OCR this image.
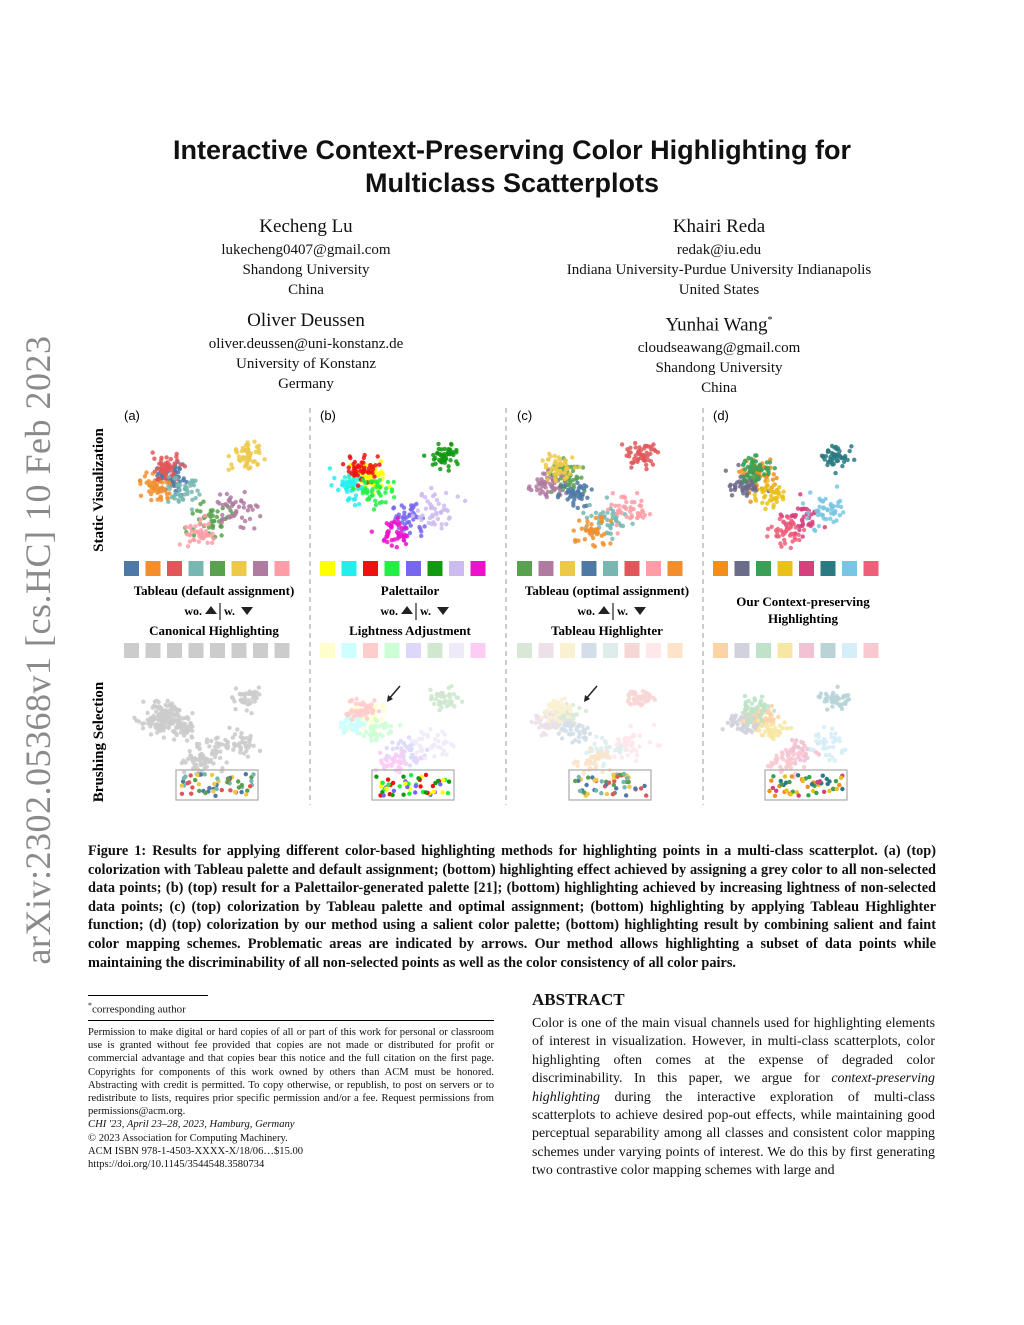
arXiv:2302.05368v1 [cs.HC] 10 Feb 2023
Interactive Context-Preserving Color Highlighting for Multiclass Scatterplots
Kecheng Lu
lukecheng0407@gmail.com
Shandong University
China
Khairi Reda
redak@iu.edu
Indiana University-Purdue University Indianapolis
United States
Oliver Deussen
oliver.deussen@uni-konstanz.de
University of Konstanz
Germany
Yunhai Wang*
cloudseawang@gmail.com
Shandong University
China
(a)
Tableau (default assignment)
wo. w.
Canonical Highlighting
(b)
Palettailor
wo. w.
Lightness Adjustment
(c)
Tableau (optimal assignment)
wo. w.
Tableau Highlighter
(d)
Our Context-preserving
Highlighting
Static Visualization
Brushing Selection

Figure 1: Results for applying different color-based highlighting methods for highlighting points in a multi-class scatterplot. (a) (top) colorization with Tableau palette and default assignment; (bottom) highlighting effect achieved by assigning a grey color to all non-selected data points; (b) (top) result for a Palettailor-generated palette [21]; (bottom) highlighting achieved by increasing lightness of non-selected data points; (c) (top) colorization by Tableau palette and optimal assignment; (bottom) highlighting by applying Tableau Highlighter function; (d) (top) colorization by our method using a salient color palette; (bottom) highlighting result by combining salient and faint color mapping schemes. Problematic areas are indicated by arrows. Our method allows highlighting a subset of data points while maintaining the discriminability of all non-selected points as well as the color consistency of all color pairs.

*corresponding author

Permission to make digital or hard copies of all or part of this work for personal or classroom use is granted without fee provided that copies are not made or distributed for profit or commercial advantage and that copies bear this notice and the full citation on the first page. Copyrights for components of this work owned by others than ACM must be honored. Abstracting with credit is permitted. To copy otherwise, or republish, to post on servers or to redistribute to lists, requires prior specific permission and/or a fee. Request permissions from permissions@acm.org.

CHI '23, April 23–28, 2023, Hamburg, Germany

© 2023 Association for Computing Machinery.

ACM ISBN 978-1-4503-XXXX-X/18/06…$15.00

https://doi.org/10.1145/3544548.3580734

ABSTRACT

Color is one of the main visual channels used for highlighting elements of interest in visualization. However, in multi-class scatterplots, color highlighting often comes at the expense of degraded color discriminability. In this paper, we argue for context-preserving highlighting during the interactive exploration of multi-class scatterplots to achieve desired pop-out effects, while maintaining good perceptual separability among all classes and consistent color mapping schemes under varying points of interest. We do this by first generating two contrastive color mapping schemes with large and
